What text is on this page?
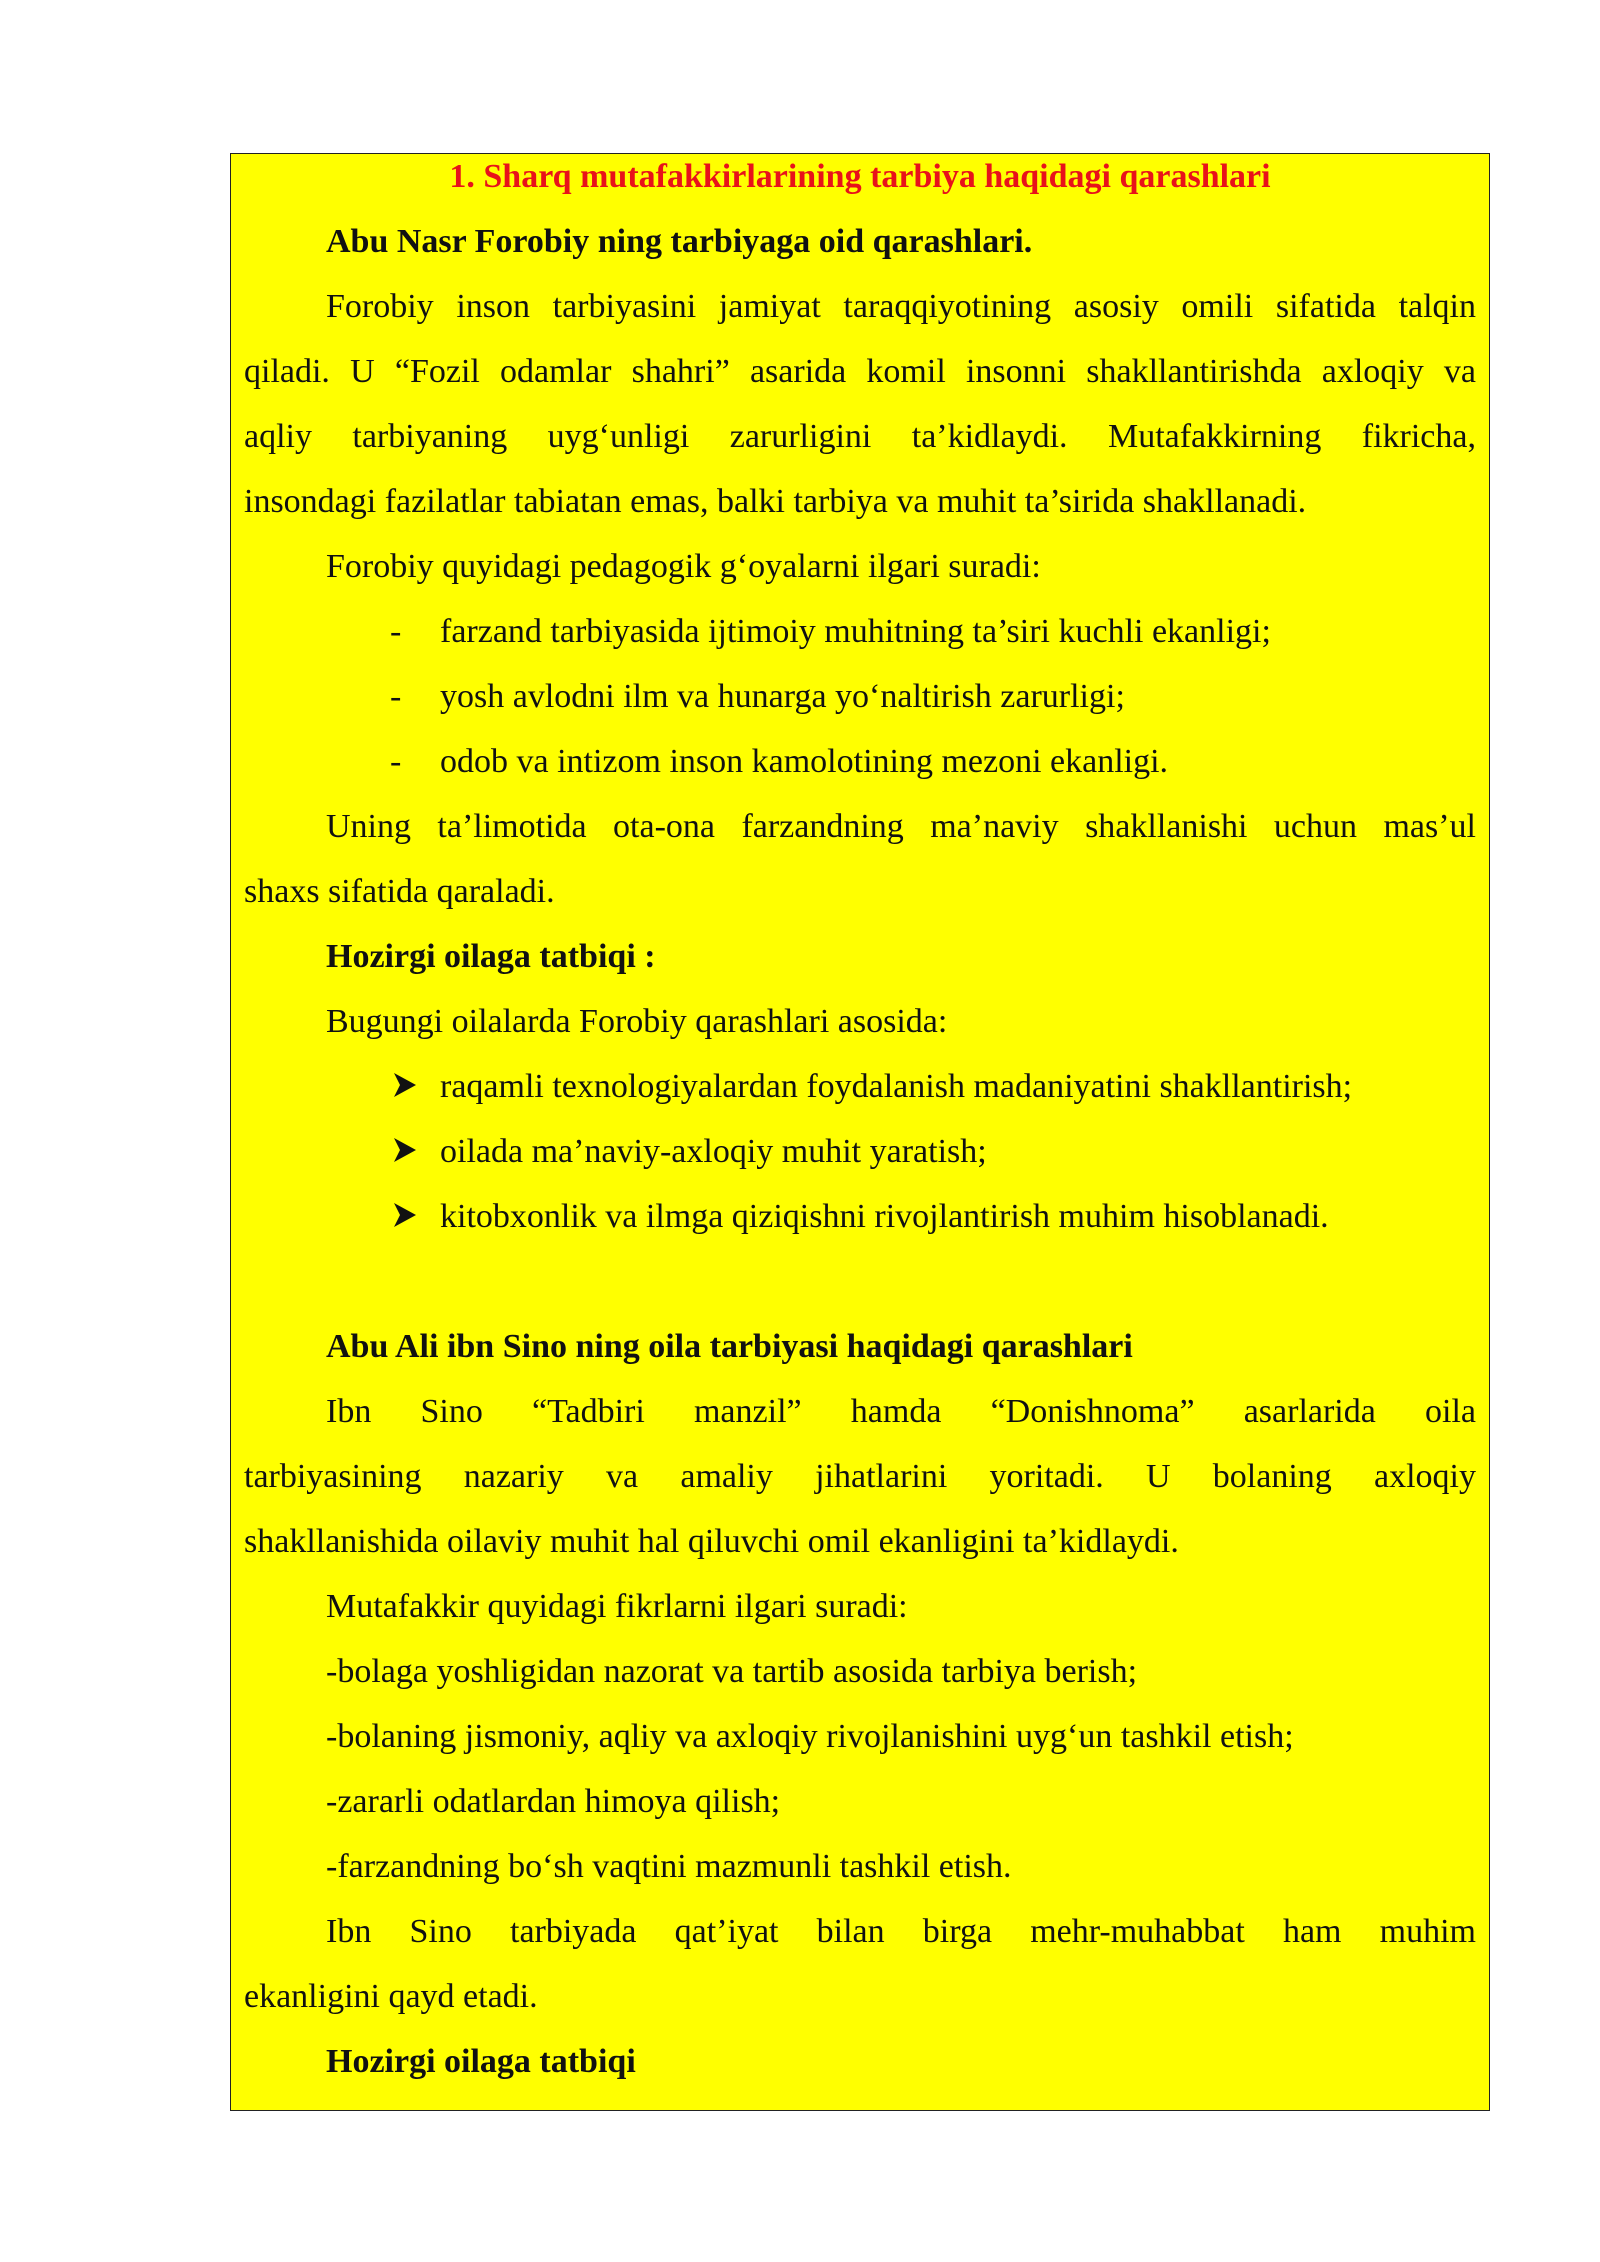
1. Sharq mutafakkirlarining tarbiya haqidagi qarashlari
Abu Nasr Forobiy ning tarbiyaga oid qarashlari.
Forobiy inson tarbiyasini jamiyat taraqqiyotining asosiy omili sifatida talqin
qiladi. U “Fozil odamlar shahri” asarida komil insonni shakllantirishda axloqiy va
aqliy tarbiyaning uyg‘unligi zarurligini ta’kidlaydi. Mutafakkirning fikricha,
insondagi fazilatlar tabiatan emas, balki tarbiya va muhit ta’sirida shakllanadi.
Forobiy quyidagi pedagogik g‘oyalarni ilgari suradi:
- farzand tarbiyasida ijtimoiy muhitning ta’siri kuchli ekanligi;
- yosh avlodni ilm va hunarga yo‘naltirish zarurligi;
- odob va intizom inson kamolotining mezoni ekanligi.
Uning ta’limotida ota-ona farzandning ma’naviy shakllanishi uchun mas’ul
shaxs sifatida qaraladi.
Hozirgi oilaga tatbiqi :
Bugungi oilalarda Forobiy qarashlari asosida:
raqamli texnologiyalardan foydalanish madaniyatini shakllantirish;
oilada ma’naviy-axloqiy muhit yaratish;
kitobxonlik va ilmga qiziqishni rivojlantirish muhim hisoblanadi.
Abu Ali ibn Sino ning oila tarbiyasi haqidagi qarashlari
Ibn Sino “Tadbiri manzil” hamda “Donishnoma” asarlarida oila
tarbiyasining nazariy va amaliy jihatlarini yoritadi. U bolaning axloqiy
shakllanishida oilaviy muhit hal qiluvchi omil ekanligini ta’kidlaydi.
Mutafakkir quyidagi fikrlarni ilgari suradi:
-bolaga yoshligidan nazorat va tartib asosida tarbiya berish;
-bolaning jismoniy, aqliy va axloqiy rivojlanishini uyg‘un tashkil etish;
-zararli odatlardan himoya qilish;
-farzandning bo‘sh vaqtini mazmunli tashkil etish.
Ibn Sino tarbiyada qat’iyat bilan birga mehr-muhabbat ham muhim
ekanligini qayd etadi.
Hozirgi oilaga tatbiqi
